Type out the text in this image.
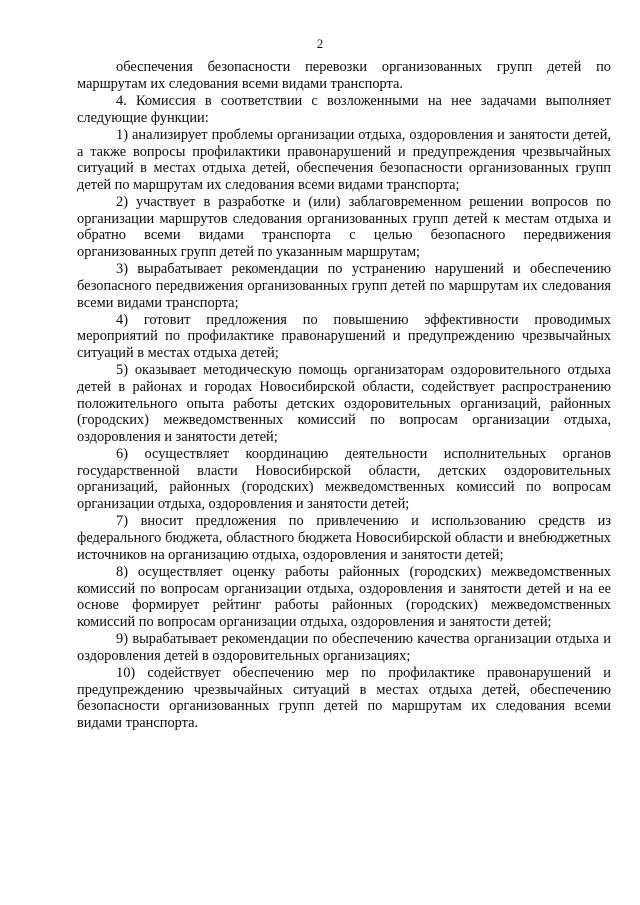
2

обеспечения безопасности перевозки организованных групп детей по маршрутам их следования всеми видами транспорта.

4. Комиссия в соответствии с возложенными на нее задачами выполняет следующие функции:

1) анализирует проблемы организации отдыха, оздоровления и занятости детей, а также вопросы профилактики правонарушений и предупреждения чрезвычайных ситуаций в местах отдыха детей, обеспечения безопасности организованных групп детей по маршрутам их следования всеми видами транспорта;

2) участвует в разработке и (или) заблаговременном решении вопросов по организации маршрутов следования организованных групп детей к местам отдыха и обратно всеми видами транспорта с целью безопасного передвижения организованных групп детей по указанным маршрутам;

3) вырабатывает рекомендации по устранению нарушений и обеспечению безопасного передвижения организованных групп детей по маршрутам их следования всеми видами транспорта;

4) готовит предложения по повышению эффективности проводимых мероприятий по профилактике правонарушений и предупреждению чрезвычайных ситуаций в местах отдыха детей;

5) оказывает методическую помощь организаторам оздоровительного отдыха детей в районах и городах Новосибирской области, содействует распространению положительного опыта работы детских оздоровительных организаций, районных (городских) межведомственных комиссий по вопросам организации отдыха, оздоровления и занятости детей;

6) осуществляет координацию деятельности исполнительных органов государственной власти Новосибирской области, детских оздоровительных организаций, районных (городских) межведомственных комиссий по вопросам организации отдыха, оздоровления и занятости детей;

7) вносит предложения по привлечению и использованию средств из федерального бюджета, областного бюджета Новосибирской области и внебюджетных источников на организацию отдыха, оздоровления и занятости детей;

8) осуществляет оценку работы районных (городских) межведомственных комиссий по вопросам организации отдыха, оздоровления и занятости детей и на ее основе формирует рейтинг работы районных (городских) межведомственных комиссий по вопросам организации отдыха, оздоровления и занятости детей;

9) вырабатывает рекомендации по обеспечению качества организации отдыха и оздоровления детей в оздоровительных организациях;

10) содействует обеспечению мер по профилактике правонарушений и предупреждению чрезвычайных ситуаций в местах отдыха детей, обеспечению безопасности организованных групп детей по маршрутам их следования всеми видами транспорта.
